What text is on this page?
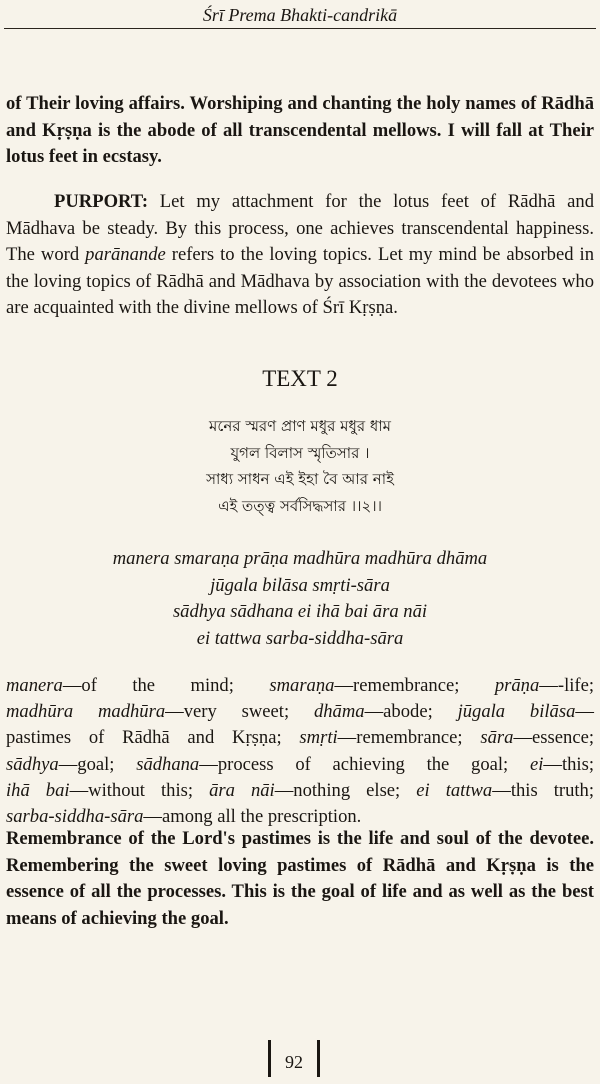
Śrī Prema Bhakti-candrikā

of Their loving affairs. Worshiping and chanting the holy names of Rādhā and Kṛṣṇa is the abode of all transcendental mellows. I will fall at Their lotus feet in ecstasy.

PURPORT: Let my attachment for the lotus feet of Rādhā and Mādhava be steady. By this process, one achieves transcendental happiness. The word parānande refers to the loving topics. Let my mind be absorbed in the loving topics of Rādhā and Mādhava by association with the devotees who are acquainted with the divine mellows of Śrī Kṛṣṇa.

TEXT 2
মনের স্মরণ প্রাণ মধুর মধুর ধাম
যুগল বিলাস স্মৃতিসার ।
সাধ্য সাধন এই ইহা বৈ আর নাই
এই তত্ত্ব সর্বসিদ্ধসার ।।২।।
manera smaraṇa prāṇa madhūra madhūra dhāma
jūgala bilāsa smṛti-sāra
sādhya sādhana ei ihā bai āra nāi
ei tattwa sarba-siddha-sāra
manera—of the mind; smaraṇa—remembrance; prāṇa—-life;
madhūra madhūra—very sweet; dhāma—abode; jūgala bilāsa—
pastimes of Rādhā and Kṛṣṇa; smṛti—remembrance; sāra—essence;
sādhya—goal; sādhana—process of achieving the goal; ei—this;
ihā bai—without this; āra nāi—nothing else; ei tattwa—this truth;
sarba-siddha-sāra—among all the prescription.

Remembrance of the Lord's pastimes is the life and soul of the devotee. Remembering the sweet loving pastimes of Rādhā and Kṛṣṇa is the essence of all the processes. This is the goal of life and as well as the best means of achieving the goal.

92
